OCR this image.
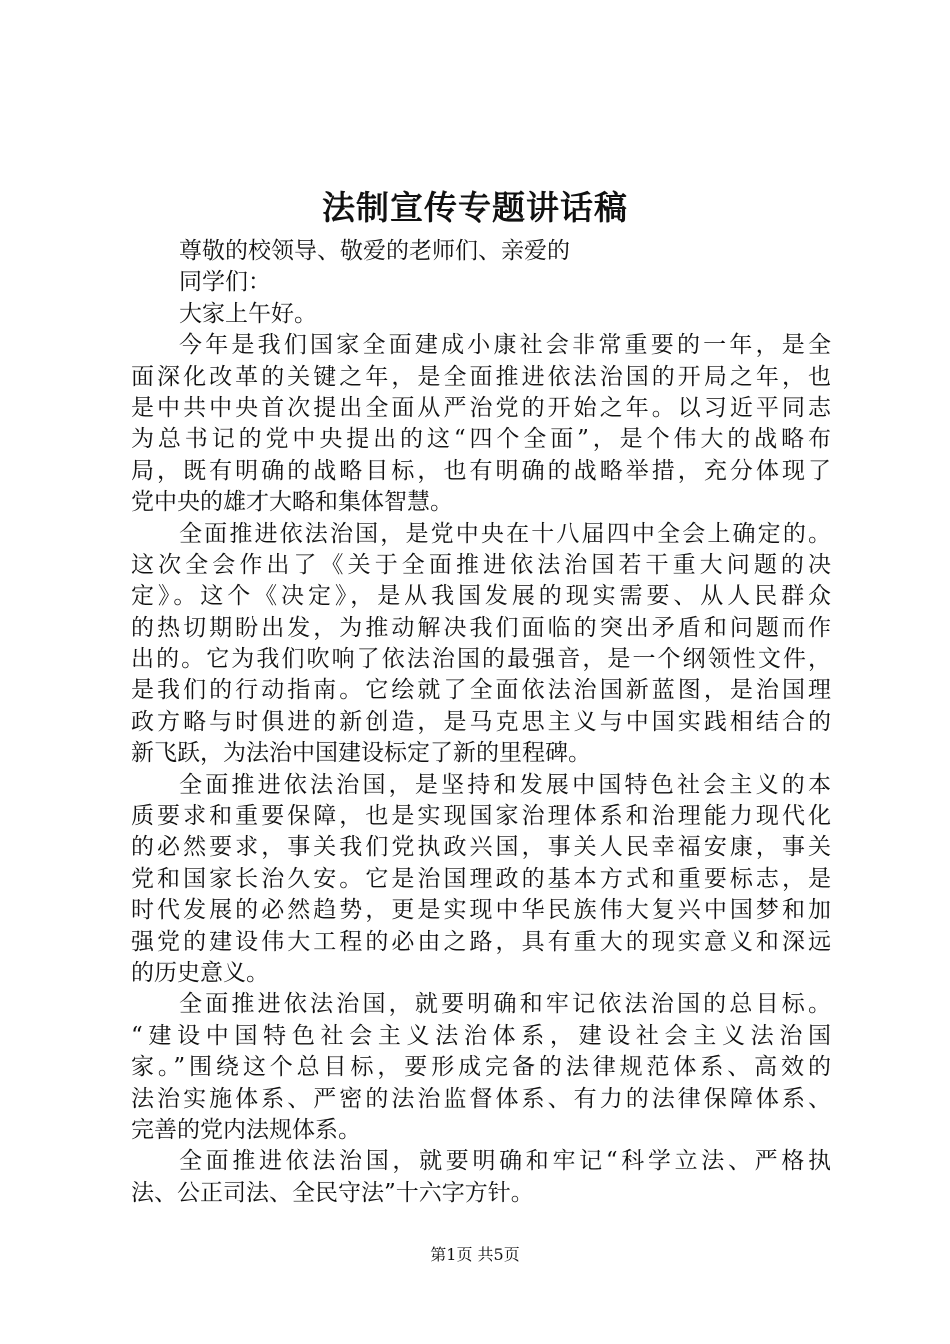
法制宣传专题讲话稿
尊敬的校领导、敬爱的老师们、亲爱的
同学们：
大家上午好。
今年是我们国家全面建成小康社会非常重要的一年，是全
面深化改革的关键之年，是全面推进依法治国的开局之年，也
是中共中央首次提出全面从严治党的开始之年。以习近平同志
为总书记的党中央提出的这“四个全面”，是个伟大的战略布
局，既有明确的战略目标，也有明确的战略举措，充分体现了
党中央的雄才大略和集体智慧。
全面推进依法治国，是党中央在十八届四中全会上确定的。
这次全会作出了《关于全面推进依法治国若干重大问题的决
定》。这个《决定》，是从我国发展的现实需要、从人民群众
的热切期盼出发，为推动解决我们面临的突出矛盾和问题而作
出的。它为我们吹响了依法治国的最强音，是一个纲领性文件，
是我们的行动指南。它绘就了全面依法治国新蓝图，是治国理
政方略与时俱进的新创造，是马克思主义与中国实践相结合的
新飞跃，为法治中国建设标定了新的里程碑。
全面推进依法治国，是坚持和发展中国特色社会主义的本
质要求和重要保障，也是实现国家治理体系和治理能力现代化
的必然要求，事关我们党执政兴国，事关人民幸福安康，事关
党和国家长治久安。它是治国理政的基本方式和重要标志，是
时代发展的必然趋势，更是实现中华民族伟大复兴中国梦和加
强党的建设伟大工程的必由之路，具有重大的现实意义和深远
的历史意义。
全面推进依法治国，就要明确和牢记依法治国的总目标。
“建设中国特色社会主义法治体系，建设社会主义法治国
家。”围绕这个总目标，要形成完备的法律规范体系、高效的
法治实施体系、严密的法治监督体系、有力的法律保障体系、
完善的党内法规体系。
全面推进依法治国，就要明确和牢记“科学立法、严格执
法、公正司法、全民守法”十六字方针。
第1页 共5页
